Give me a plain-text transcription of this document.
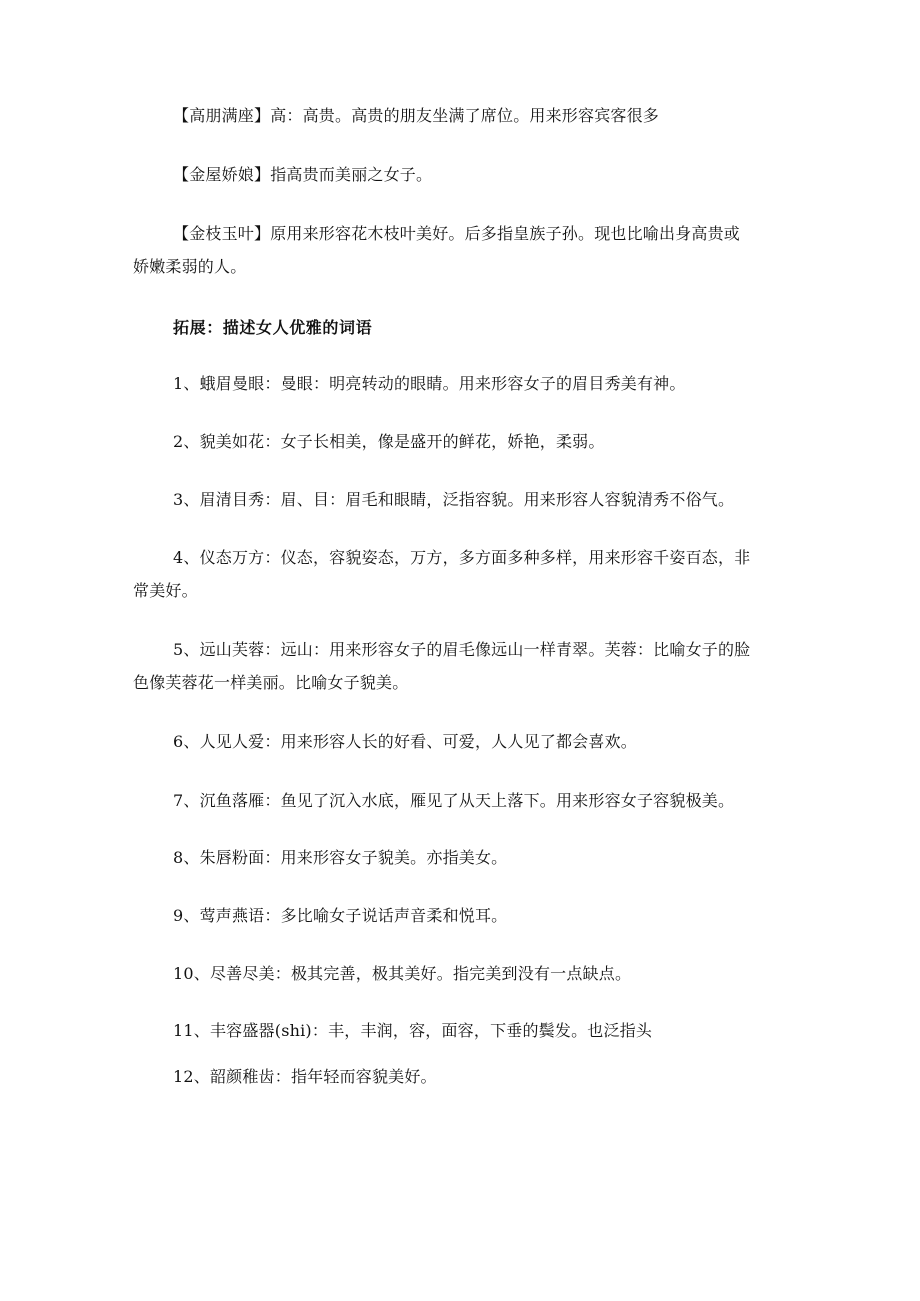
【高朋满座】高：高贵。高贵的朋友坐满了席位。用来形容宾客很多
【金屋娇娘】指高贵而美丽之女子。
【金枝玉叶】原用来形容花木枝叶美好。后多指皇族子孙。现也比喻出身高贵或
娇嫩柔弱的人。
拓展：描述女人优雅的词语
1、蛾眉曼眼：曼眼：明亮转动的眼睛。用来形容女子的眉目秀美有神。
2、貌美如花：女子长相美，像是盛开的鲜花，娇艳，柔弱。
3、眉清目秀：眉、目：眉毛和眼睛，泛指容貌。用来形容人容貌清秀不俗气。
4、仪态万方：仪态，容貌姿态，万方，多方面多种多样，用来形容千姿百态，非
常美好。
5、远山芙蓉：远山：用来形容女子的眉毛像远山一样青翠。芙蓉：比喻女子的脸
色像芙蓉花一样美丽。比喻女子貌美。
6、人见人爱：用来形容人长的好看、可爱，人人见了都会喜欢。
7、沉鱼落雁：鱼见了沉入水底，雁见了从天上落下。用来形容女子容貌极美。
8、朱唇粉面：用来形容女子貌美。亦指美女。
9、莺声燕语：多比喻女子说话声音柔和悦耳。
10、尽善尽美：极其完善，极其美好。指完美到没有一点缺点。
11、丰容盛器(shi)：丰，丰润，容，面容，下垂的鬓发。也泛指头
12、韶颜稚齿：指年轻而容貌美好。
